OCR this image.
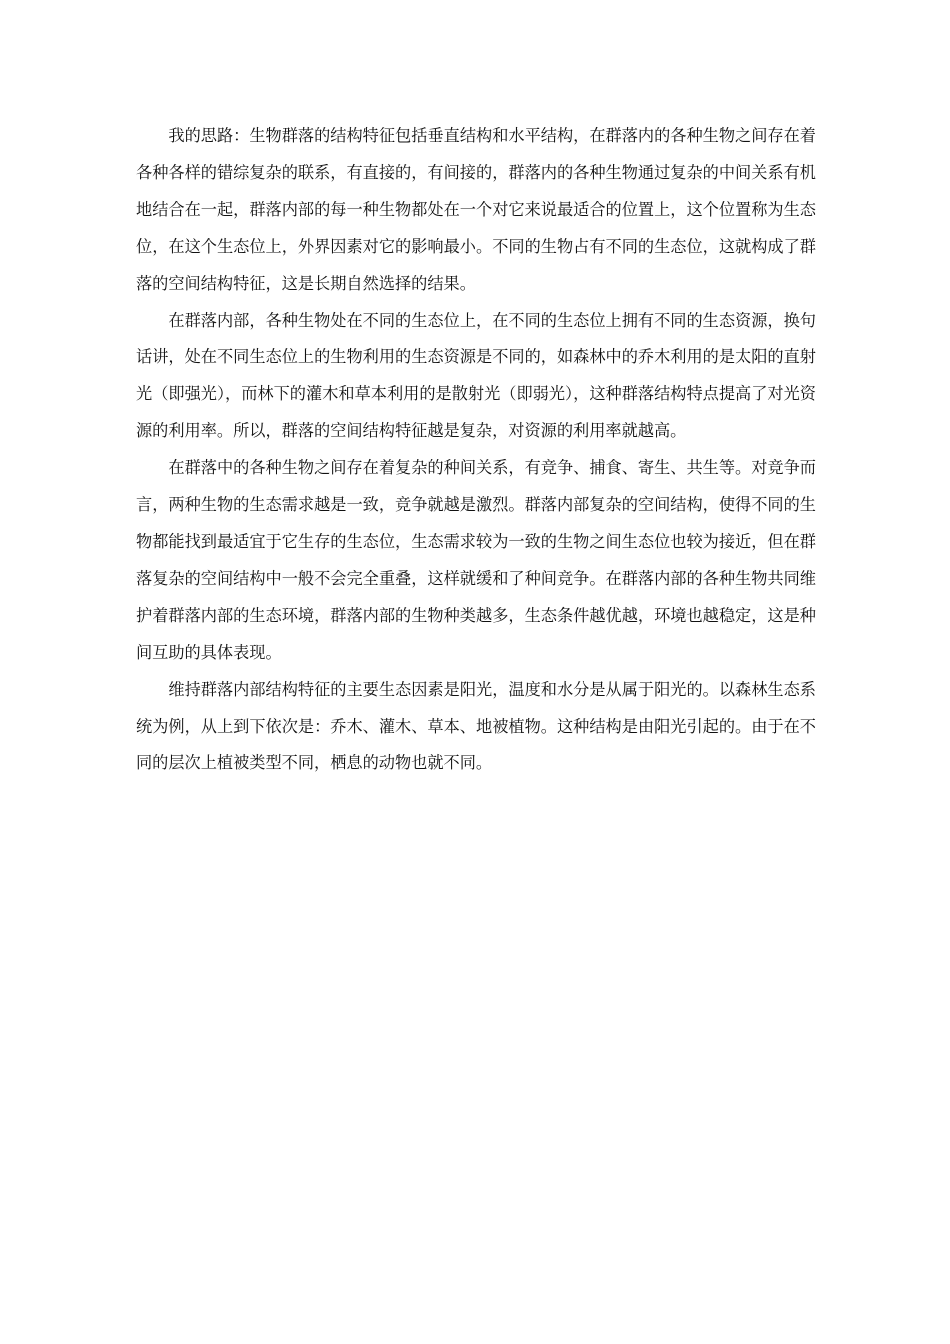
我的思路：生物群落的结构特征包括垂直结构和水平结构，在群落内的各种生物之间存在着各种各样的错综复杂的联系，有直接的，有间接的，群落内的各种生物通过复杂的中间关系有机地结合在一起，群落内部的每一种生物都处在一个对它来说最适合的位置上，这个位置称为生态位，在这个生态位上，外界因素对它的影响最小。不同的生物占有不同的生态位，这就构成了群落的空间结构特征，这是长期自然选择的结果。

在群落内部，各种生物处在不同的生态位上，在不同的生态位上拥有不同的生态资源，换句话讲，处在不同生态位上的生物利用的生态资源是不同的，如森林中的乔木利用的是太阳的直射光（即强光），而林下的灌木和草本利用的是散射光（即弱光），这种群落结构特点提高了对光资源的利用率。所以，群落的空间结构特征越是复杂，对资源的利用率就越高。

在群落中的各种生物之间存在着复杂的种间关系，有竞争、捕食、寄生、共生等。对竞争而言，两种生物的生态需求越是一致，竞争就越是激烈。群落内部复杂的空间结构，使得不同的生物都能找到最适宜于它生存的生态位，生态需求较为一致的生物之间生态位也较为接近，但在群落复杂的空间结构中一般不会完全重叠，这样就缓和了种间竞争。在群落内部的各种生物共同维护着群落内部的生态环境，群落内部的生物种类越多，生态条件越优越，环境也越稳定，这是种间互助的具体表现。

维持群落内部结构特征的主要生态因素是阳光，温度和水分是从属于阳光的。以森林生态系统为例，从上到下依次是：乔木、灌木、草本、地被植物。这种结构是由阳光引起的。由于在不同的层次上植被类型不同，栖息的动物也就不同。
